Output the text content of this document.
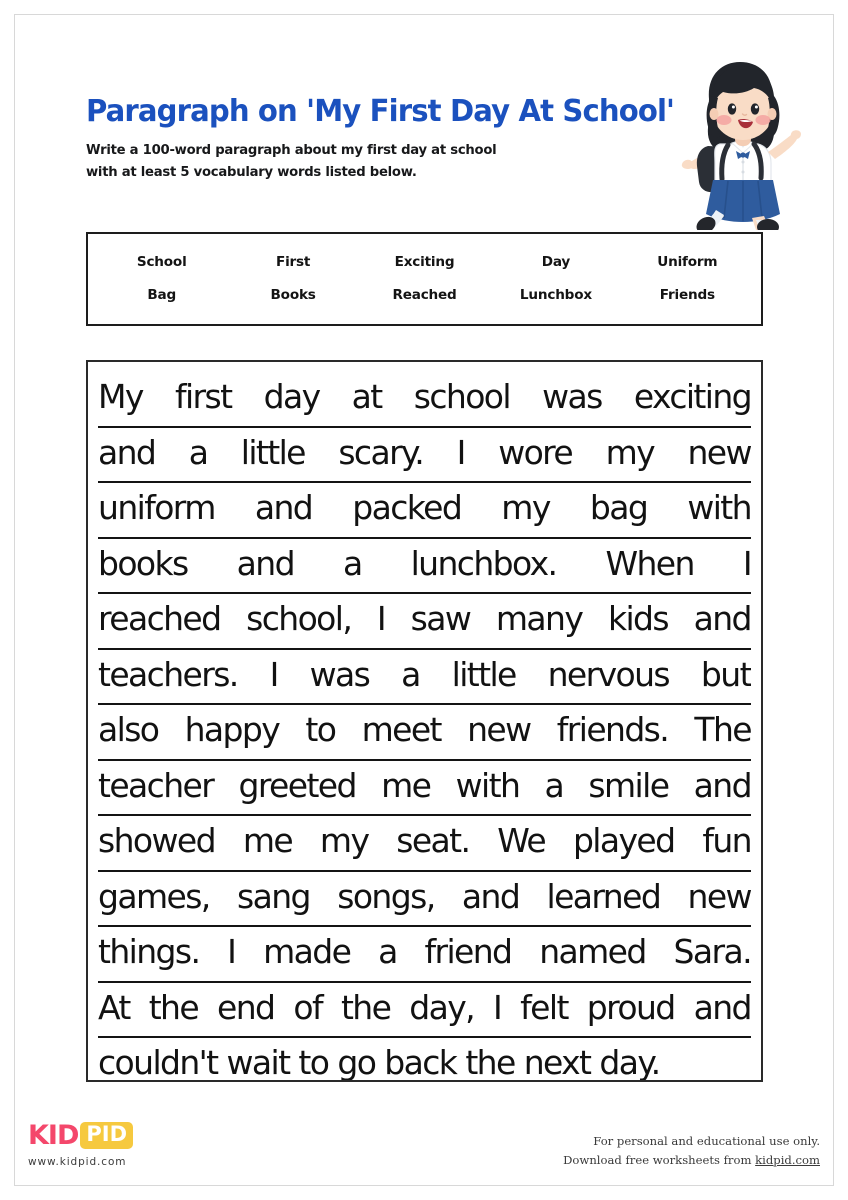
Paragraph on 'My First Day At School'
Write a 100-word paragraph about my first day at school
with at least 5 vocabulary words listed below.
School	First	Exciting	Day	Uniform
Bag	Books	Reached	Lunchbox	Friends
My first day at school was exciting
and a little scary. I wore my new
uniform and packed my bag with
books and a lunchbox. When I
reached school, I saw many kids and
teachers. I was a little nervous but
also happy to meet new friends. The
teacher greeted me with a smile and
showed me my seat. We played fun
games, sang songs, and learned new
things. I made a friend named Sara.
At the end of the day, I felt proud and
couldn't wait to go back the next day.
KID PID
www.kidpid.com
For personal and educational use only.
Download free worksheets from kidpid.com
